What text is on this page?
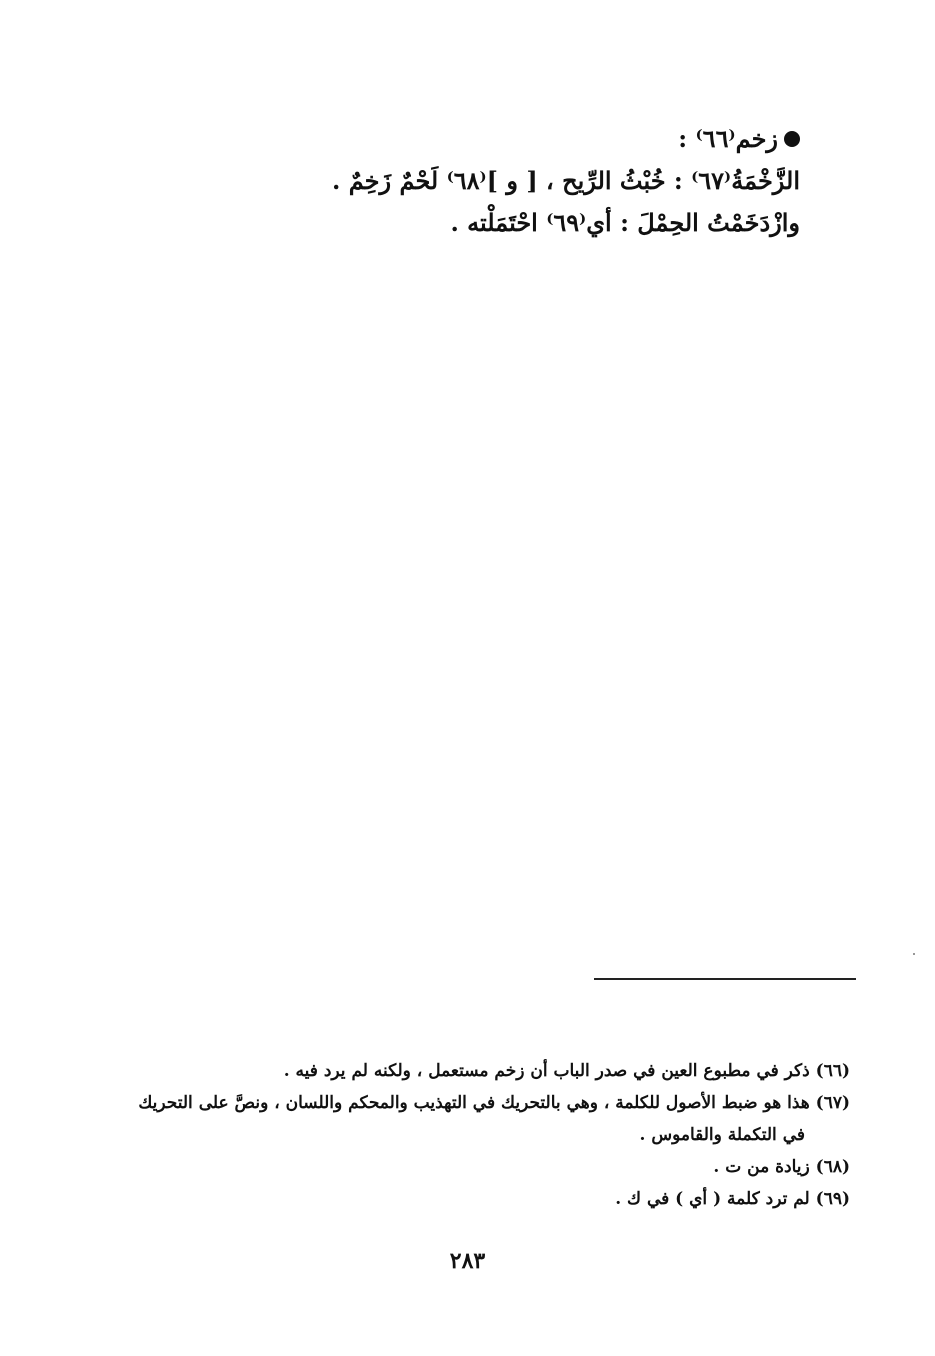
زخم⁽٦٦⁾ :
الزَّخْمَةُ⁽٦٧⁾ : خُبْثُ الرِّيح ، [ و ]⁽٦٨⁾ لَحْمٌ زَخِمٌ .
وازْدَخَمْتُ الحِمْلَ : أي⁽٦٩⁾ احْتَمَلْته .
(٦٦) ذكر في مطبوع العين في صدر الباب أن زخم مستعمل ، ولكنه لم يرد فيه .
(٦٧) هذا هو ضبط الأصول للكلمة ، وهي بالتحريك في التهذيب والمحكم واللسان ، ونصَّ على التحريك
في التكملة والقاموس .
(٦٨) زيادة من ت .
(٦٩) لم ترد كلمة ( أي ) في ك .
٢٨٣
